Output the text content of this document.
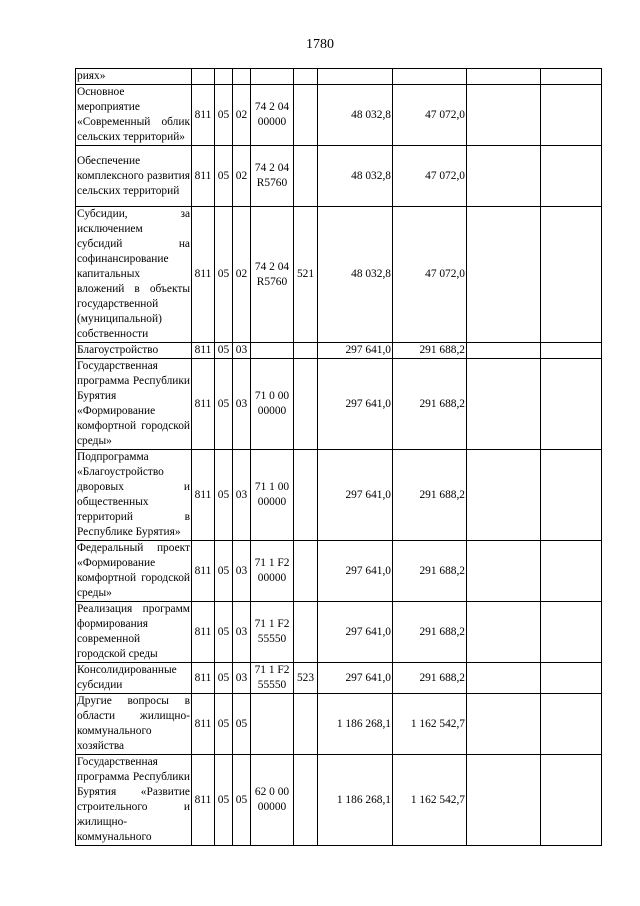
1780
риях»									
Основное мероприятие «Современный облик сельских территорий»	811	05	02	74 2 04 00000		48 032,8	47 072,0		
Обеспечение комплексного развития сельских территорий	811	05	02	74 2 04 R5760		48 032,8	47 072,0		
Субсидии, за исключением субсидий на софинансирование капитальных вложений в объекты государственной (муниципальной) собственности	811	05	02	74 2 04 R5760	521	48 032,8	47 072,0		
Благоустройство	811	05	03			297 641,0	291 688,2		
Государственная программа Республики Бурятия «Формирование комфортной городской среды»	811	05	03	71 0 00 00000		297 641,0	291 688,2		
Подпрограмма «Благоустройство дворовых и общественных территорий в Республике Бурятия»	811	05	03	71 1 00 00000		297 641,0	291 688,2		
Федеральный проект «Формирование комфортной городской среды»	811	05	03	71 1 F2 00000		297 641,0	291 688,2		
Реализация программ формирования современной городской среды	811	05	03	71 1 F2 55550		297 641,0	291 688,2		
Консолидированные субсидии	811	05	03	71 1 F2 55550	523	297 641,0	291 688,2		
Другие вопросы в области жилищно-коммунального хозяйства	811	05	05			1 186 268,1	1 162 542,7		
Государственная программа Республики Бурятия «Развитие строительного и жилищно-коммунального	811	05	05	62 0 00 00000		1 186 268,1	1 162 542,7		
